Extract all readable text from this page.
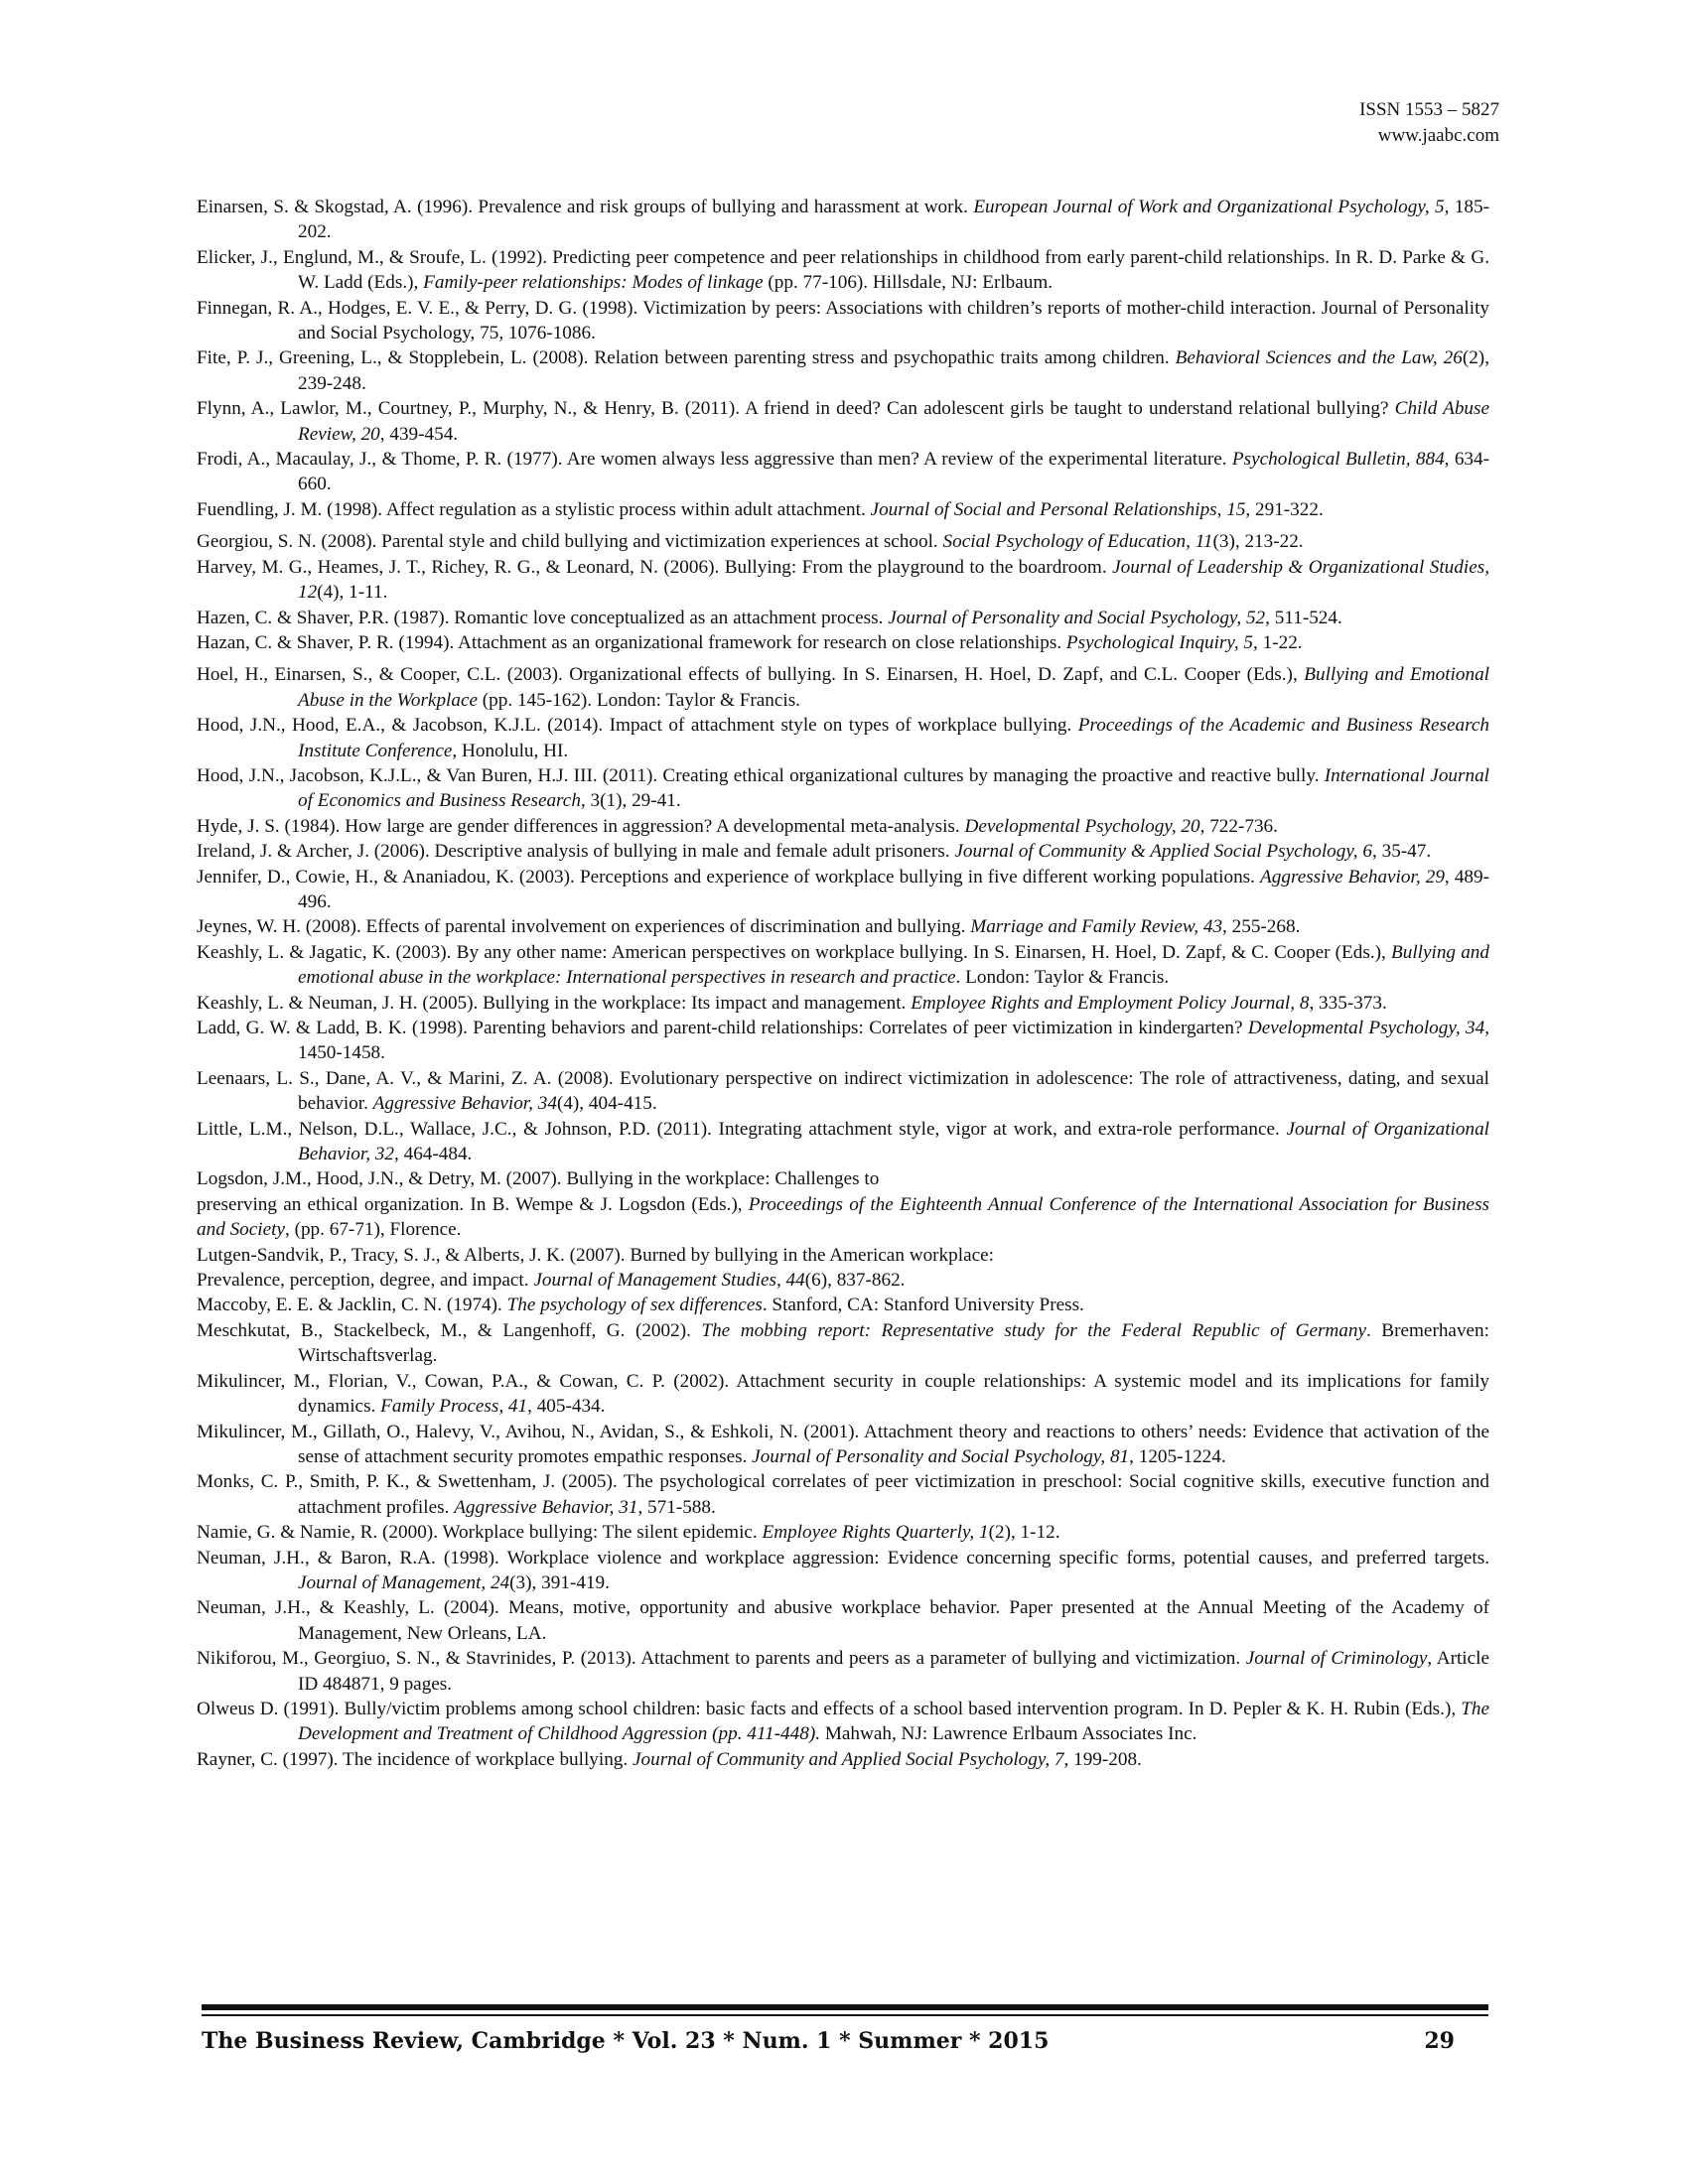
ISSN 1553 – 5827
www.jaabc.com

Einarsen, S. & Skogstad, A. (1996). Prevalence and risk groups of bullying and harassment at work. European Journal of Work and Organizational Psychology, 5, 185-202.

Elicker, J., Englund, M., & Sroufe, L. (1992). Predicting peer competence and peer relationships in childhood from early parent-child relationships. In R. D. Parke & G. W. Ladd (Eds.), Family-peer relationships: Modes of linkage (pp. 77-106). Hillsdale, NJ: Erlbaum.

Finnegan, R. A., Hodges, E. V. E., & Perry, D. G. (1998). Victimization by peers: Associations with children’s reports of mother-child interaction. Journal of Personality and Social Psychology, 75, 1076-1086.

Fite, P. J., Greening, L., & Stopplebein, L. (2008). Relation between parenting stress and psychopathic traits among children. Behavioral Sciences and the Law, 26(2), 239-248.

Flynn, A., Lawlor, M., Courtney, P., Murphy, N., & Henry, B. (2011). A friend in deed? Can adolescent girls be taught to understand relational bullying? Child Abuse Review, 20, 439-454.

Frodi, A., Macaulay, J., & Thome, P. R. (1977). Are women always less aggressive than men? A review of the experimental literature. Psychological Bulletin, 884, 634-660.

Fuendling, J. M. (1998). Affect regulation as a stylistic process within adult attachment. Journal of Social and Personal Relationships, 15, 291-322.

Georgiou, S. N. (2008). Parental style and child bullying and victimization experiences at school. Social Psychology of Education, 11(3), 213-22.

Harvey, M. G., Heames, J. T., Richey, R. G., & Leonard, N. (2006). Bullying: From the playground to the boardroom. Journal of Leadership & Organizational Studies, 12(4), 1-11.

Hazen, C. & Shaver, P.R. (1987). Romantic love conceptualized as an attachment process. Journal of Personality and Social Psychology, 52, 511-524.

Hazan, C. & Shaver, P. R. (1994). Attachment as an organizational framework for research on close relationships. Psychological Inquiry, 5, 1-22.

Hoel, H., Einarsen, S., & Cooper, C.L. (2003). Organizational effects of bullying. In S. Einarsen, H. Hoel, D. Zapf, and C.L. Cooper (Eds.), Bullying and Emotional Abuse in the Workplace (pp. 145-162). London: Taylor & Francis.

Hood, J.N., Hood, E.A., & Jacobson, K.J.L. (2014). Impact of attachment style on types of workplace bullying. Proceedings of the Academic and Business Research Institute Conference, Honolulu, HI.

Hood, J.N., Jacobson, K.J.L., & Van Buren, H.J. III. (2011). Creating ethical organizational cultures by managing the proactive and reactive bully. International Journal of Economics and Business Research, 3(1), 29-41.

Hyde, J. S. (1984). How large are gender differences in aggression? A developmental meta-analysis. Developmental Psychology, 20, 722-736.

Ireland, J. & Archer, J. (2006). Descriptive analysis of bullying in male and female adult prisoners. Journal of Community & Applied Social Psychology, 6, 35-47.

Jennifer, D., Cowie, H., & Ananiadou, K. (2003). Perceptions and experience of workplace bullying in five different working populations. Aggressive Behavior, 29, 489-496.

Jeynes, W. H. (2008). Effects of parental involvement on experiences of discrimination and bullying. Marriage and Family Review, 43, 255-268.

Keashly, L. & Jagatic, K. (2003). By any other name: American perspectives on workplace bullying. In S. Einarsen, H. Hoel, D. Zapf, & C. Cooper (Eds.), Bullying and emotional abuse in the workplace: International perspectives in research and practice. London: Taylor & Francis.

Keashly, L. & Neuman, J. H. (2005). Bullying in the workplace: Its impact and management. Employee Rights and Employment Policy Journal, 8, 335-373.

Ladd, G. W. & Ladd, B. K. (1998). Parenting behaviors and parent-child relationships: Correlates of peer victimization in kindergarten? Developmental Psychology, 34, 1450-1458.

Leenaars, L. S., Dane, A. V., & Marini, Z. A. (2008). Evolutionary perspective on indirect victimization in adolescence: The role of attractiveness, dating, and sexual behavior. Aggressive Behavior, 34(4), 404-415.

Little, L.M., Nelson, D.L., Wallace, J.C., & Johnson, P.D. (2011). Integrating attachment style, vigor at work, and extra-role performance. Journal of Organizational Behavior, 32, 464-484.

Logsdon, J.M., Hood, J.N., & Detry, M. (2007). Bullying in the workplace: Challenges to

preserving an ethical organization. In B. Wempe & J. Logsdon (Eds.), Proceedings of the Eighteenth Annual Conference of the International Association for Business and Society, (pp. 67-71), Florence.

Lutgen-Sandvik, P., Tracy, S. J., & Alberts, J. K. (2007). Burned by bullying in the American workplace:

Prevalence, perception, degree, and impact. Journal of Management Studies, 44(6), 837-862.

Maccoby, E. E. & Jacklin, C. N. (1974). The psychology of sex differences. Stanford, CA: Stanford University Press.

Meschkutat, B., Stackelbeck, M., & Langenhoff, G. (2002). The mobbing report: Representative study for the Federal Republic of Germany. Bremerhaven: Wirtschaftsverlag.

Mikulincer, M., Florian, V., Cowan, P.A., & Cowan, C. P. (2002). Attachment security in couple relationships: A systemic model and its implications for family dynamics. Family Process, 41, 405-434.

Mikulincer, M., Gillath, O., Halevy, V., Avihou, N., Avidan, S., & Eshkoli, N. (2001). Attachment theory and reactions to others’ needs: Evidence that activation of the sense of attachment security promotes empathic responses. Journal of Personality and Social Psychology, 81, 1205-1224.

Monks, C. P., Smith, P. K., & Swettenham, J. (2005). The psychological correlates of peer victimization in preschool: Social cognitive skills, executive function and attachment profiles. Aggressive Behavior, 31, 571-588.

Namie, G. & Namie, R. (2000). Workplace bullying: The silent epidemic. Employee Rights Quarterly, 1(2), 1-12.

Neuman, J.H., & Baron, R.A. (1998). Workplace violence and workplace aggression: Evidence concerning specific forms, potential causes, and preferred targets. Journal of Management, 24(3), 391-419.

Neuman, J.H., & Keashly, L. (2004). Means, motive, opportunity and abusive workplace behavior. Paper presented at the Annual Meeting of the Academy of Management, New Orleans, LA.

Nikiforou, M., Georgiuo, S. N., & Stavrinides, P. (2013). Attachment to parents and peers as a parameter of bullying and victimization. Journal of Criminology, Article ID 484871, 9 pages.

Olweus D. (1991). Bully/victim problems among school children: basic facts and effects of a school based intervention program. In D. Pepler & K. H. Rubin (Eds.), The Development and Treatment of Childhood Aggression (pp. 411-448). Mahwah, NJ: Lawrence Erlbaum Associates Inc.

Rayner, C. (1997). The incidence of workplace bullying. Journal of Community and Applied Social Psychology, 7, 199-208.

The Business Review, Cambridge * Vol. 23 * Num. 1 * Summer * 2015	29
